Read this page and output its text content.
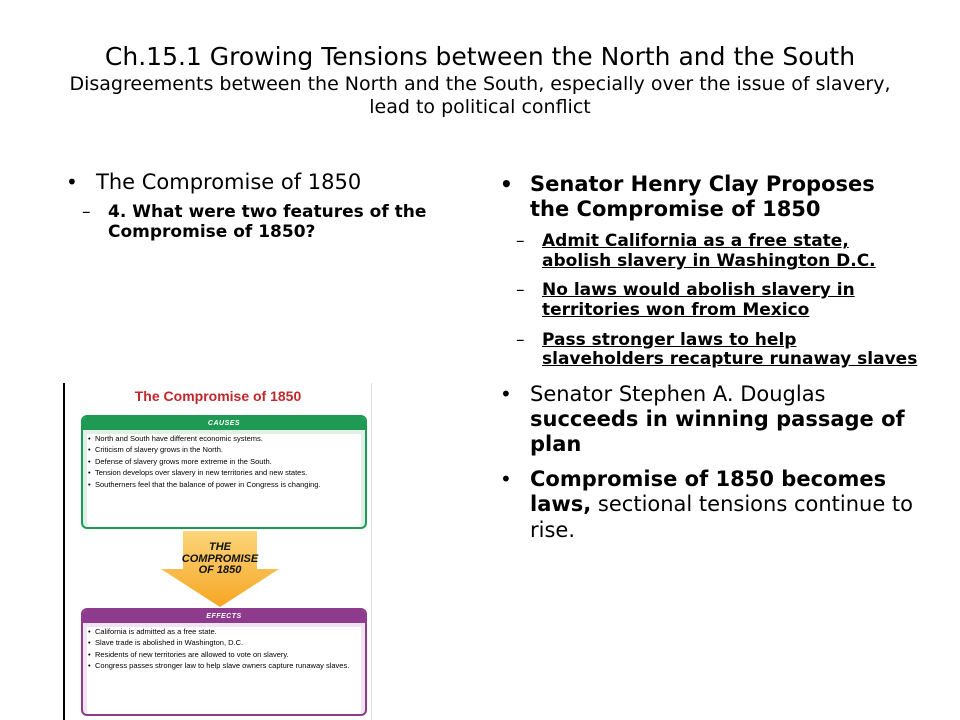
Ch.15.1 Growing Tensions between the North and the South
Disagreements between the North and the South, especially over the issue of slavery, lead to political conflict
• The Compromise of 1850
– 4. What were two features of the Compromise of 1850?
• Senator Henry Clay Proposes the Compromise of 1850
– Admit California as a free state, abolish slavery in Washington D.C.
– No laws would abolish slavery in territories won from Mexico
– Pass stronger laws to help slaveholders recapture runaway slaves
• Senator Stephen A. Douglas succeeds in winning passage of plan
• Compromise of 1850 becomes laws, sectional tensions continue to rise.
The Compromise of 1850
CAUSES
• North and South have different economic systems.
• Criticism of slavery grows in the North.
• Defense of slavery grows more extreme in the South.
• Tension develops over slavery in new territories and new states.
• Southerners feel that the balance of power in Congress is changing.
THE
COMPROMISE
OF 1850
EFFECTS
• California is admitted as a free state.
• Slave trade is abolished in Washington, D.C.
• Residents of new territories are allowed to vote on slavery.
• Congress passes stronger law to help slave owners capture runaway slaves.
